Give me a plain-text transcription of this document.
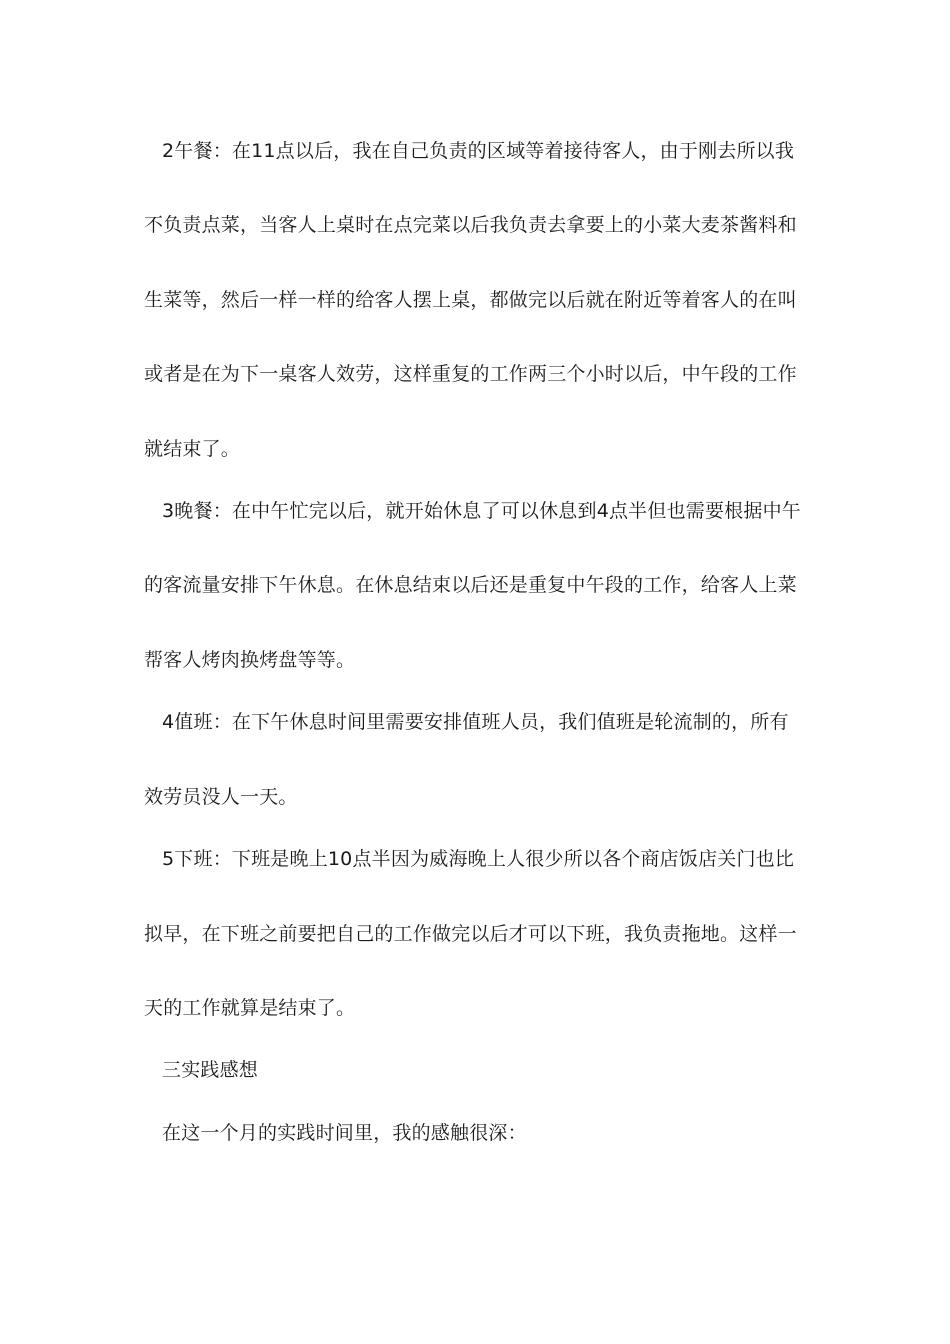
2午餐：在11点以后，我在自己负责的区域等着接待客人，由于刚去所以我
不负责点菜，当客人上桌时在点完菜以后我负责去拿要上的小菜大麦茶酱料和
生菜等，然后一样一样的给客人摆上桌，都做完以后就在附近等着客人的在叫
或者是在为下一桌客人效劳，这样重复的工作两三个小时以后，中午段的工作
就结束了。
3晚餐：在中午忙完以后，就开始休息了可以休息到4点半但也需要根据中午
的客流量安排下午休息。在休息结束以后还是重复中午段的工作，给客人上菜
帮客人烤肉换烤盘等等。
4值班：在下午休息时间里需要安排值班人员，我们值班是轮流制的，所有
效劳员没人一天。
5下班：下班是晚上10点半因为威海晚上人很少所以各个商店饭店关门也比
拟早，在下班之前要把自己的工作做完以后才可以下班，我负责拖地。这样一
天的工作就算是结束了。
三实践感想
在这一个月的实践时间里，我的感触很深：
